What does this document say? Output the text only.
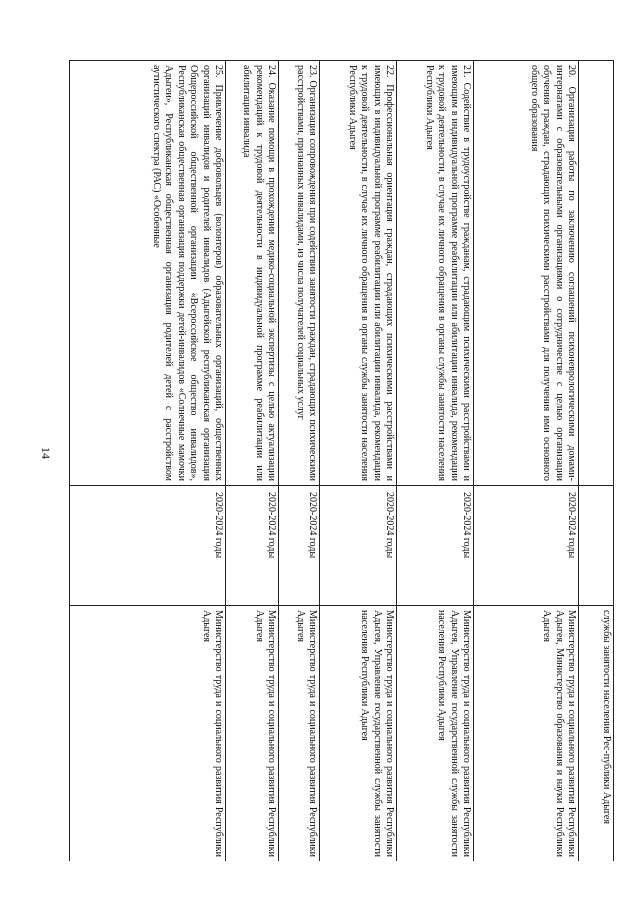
14
		службы занятости населения Рес-публики Адыгея
20. Организация работы по заключению соглашений психоневрологическими домами-интернатами с образовательными организациями о сотрудничестве с целью организации обучения граждан, страдающих психическими расстройствами для получения ими основного общего образования	2020-2024 годы	Министерство труда и социального развития Республики Адыгея, Министерство образования и науки Республики Адыгея
21. Содействие в трудоустройстве гражданам, страдающим психическими расстройствами и имеющим в индивидуальной программе реабилитации или абилитации инвалида, рекомендации к трудовой деятельности, в случае их личного обращения в органы службы занятости населения Республики Адыгея	2020-2024 годы	Министерство труда и социального развития Республики Адыгея, Управление государственной службы занятости населения Республики Адыгея
22. Профессиональная ориентация граждан, страдающих психическими расстройствами и имеющих в индивидуальной программе реабилитации или абилитации инвалида, рекомендации к трудовой деятельности, в случае их личного обращения в органы службы занятости населения Республики Адыгея	2020-2024 годы	Министерство труда и социального развития Республики Адыгея, Управление государственной службы занятости населения Республики Адыгея
23. Организация сопровождения при содействии занятости граждан, страдающих психическими расстройствами, признанных инвалидами, из числа получателей социальных услуг	2020-2024 годы	Министерство труда и социального развития Республики Адыгея
24. Оказание помощи в прохождении медико-социальной экспертизы с целью актуализации рекомендаций к трудовой деятельности в индивидуальной программе реабилитации или абилитации инвалида	2020-2024 годы	Министерство труда и социального развития Республики Адыгея
25. Привлечение добровольцев (волонтеров) образовательных организаций, общественных организаций инвалидов и родителей инвалидов (Адыгейской республиканская организация Общероссийской общественной организации «Всероссийское общество инвалидов», Республиканская общественная организация поддержки детей-инвалидов «Солнечные мамочки Адыгеи», Республиканская общественная организация родителей детей с расстройством аутистического спектра (РАС) «Особенные	2020-2024 годы	Министерство труда и социального развития Республики Адыгея
